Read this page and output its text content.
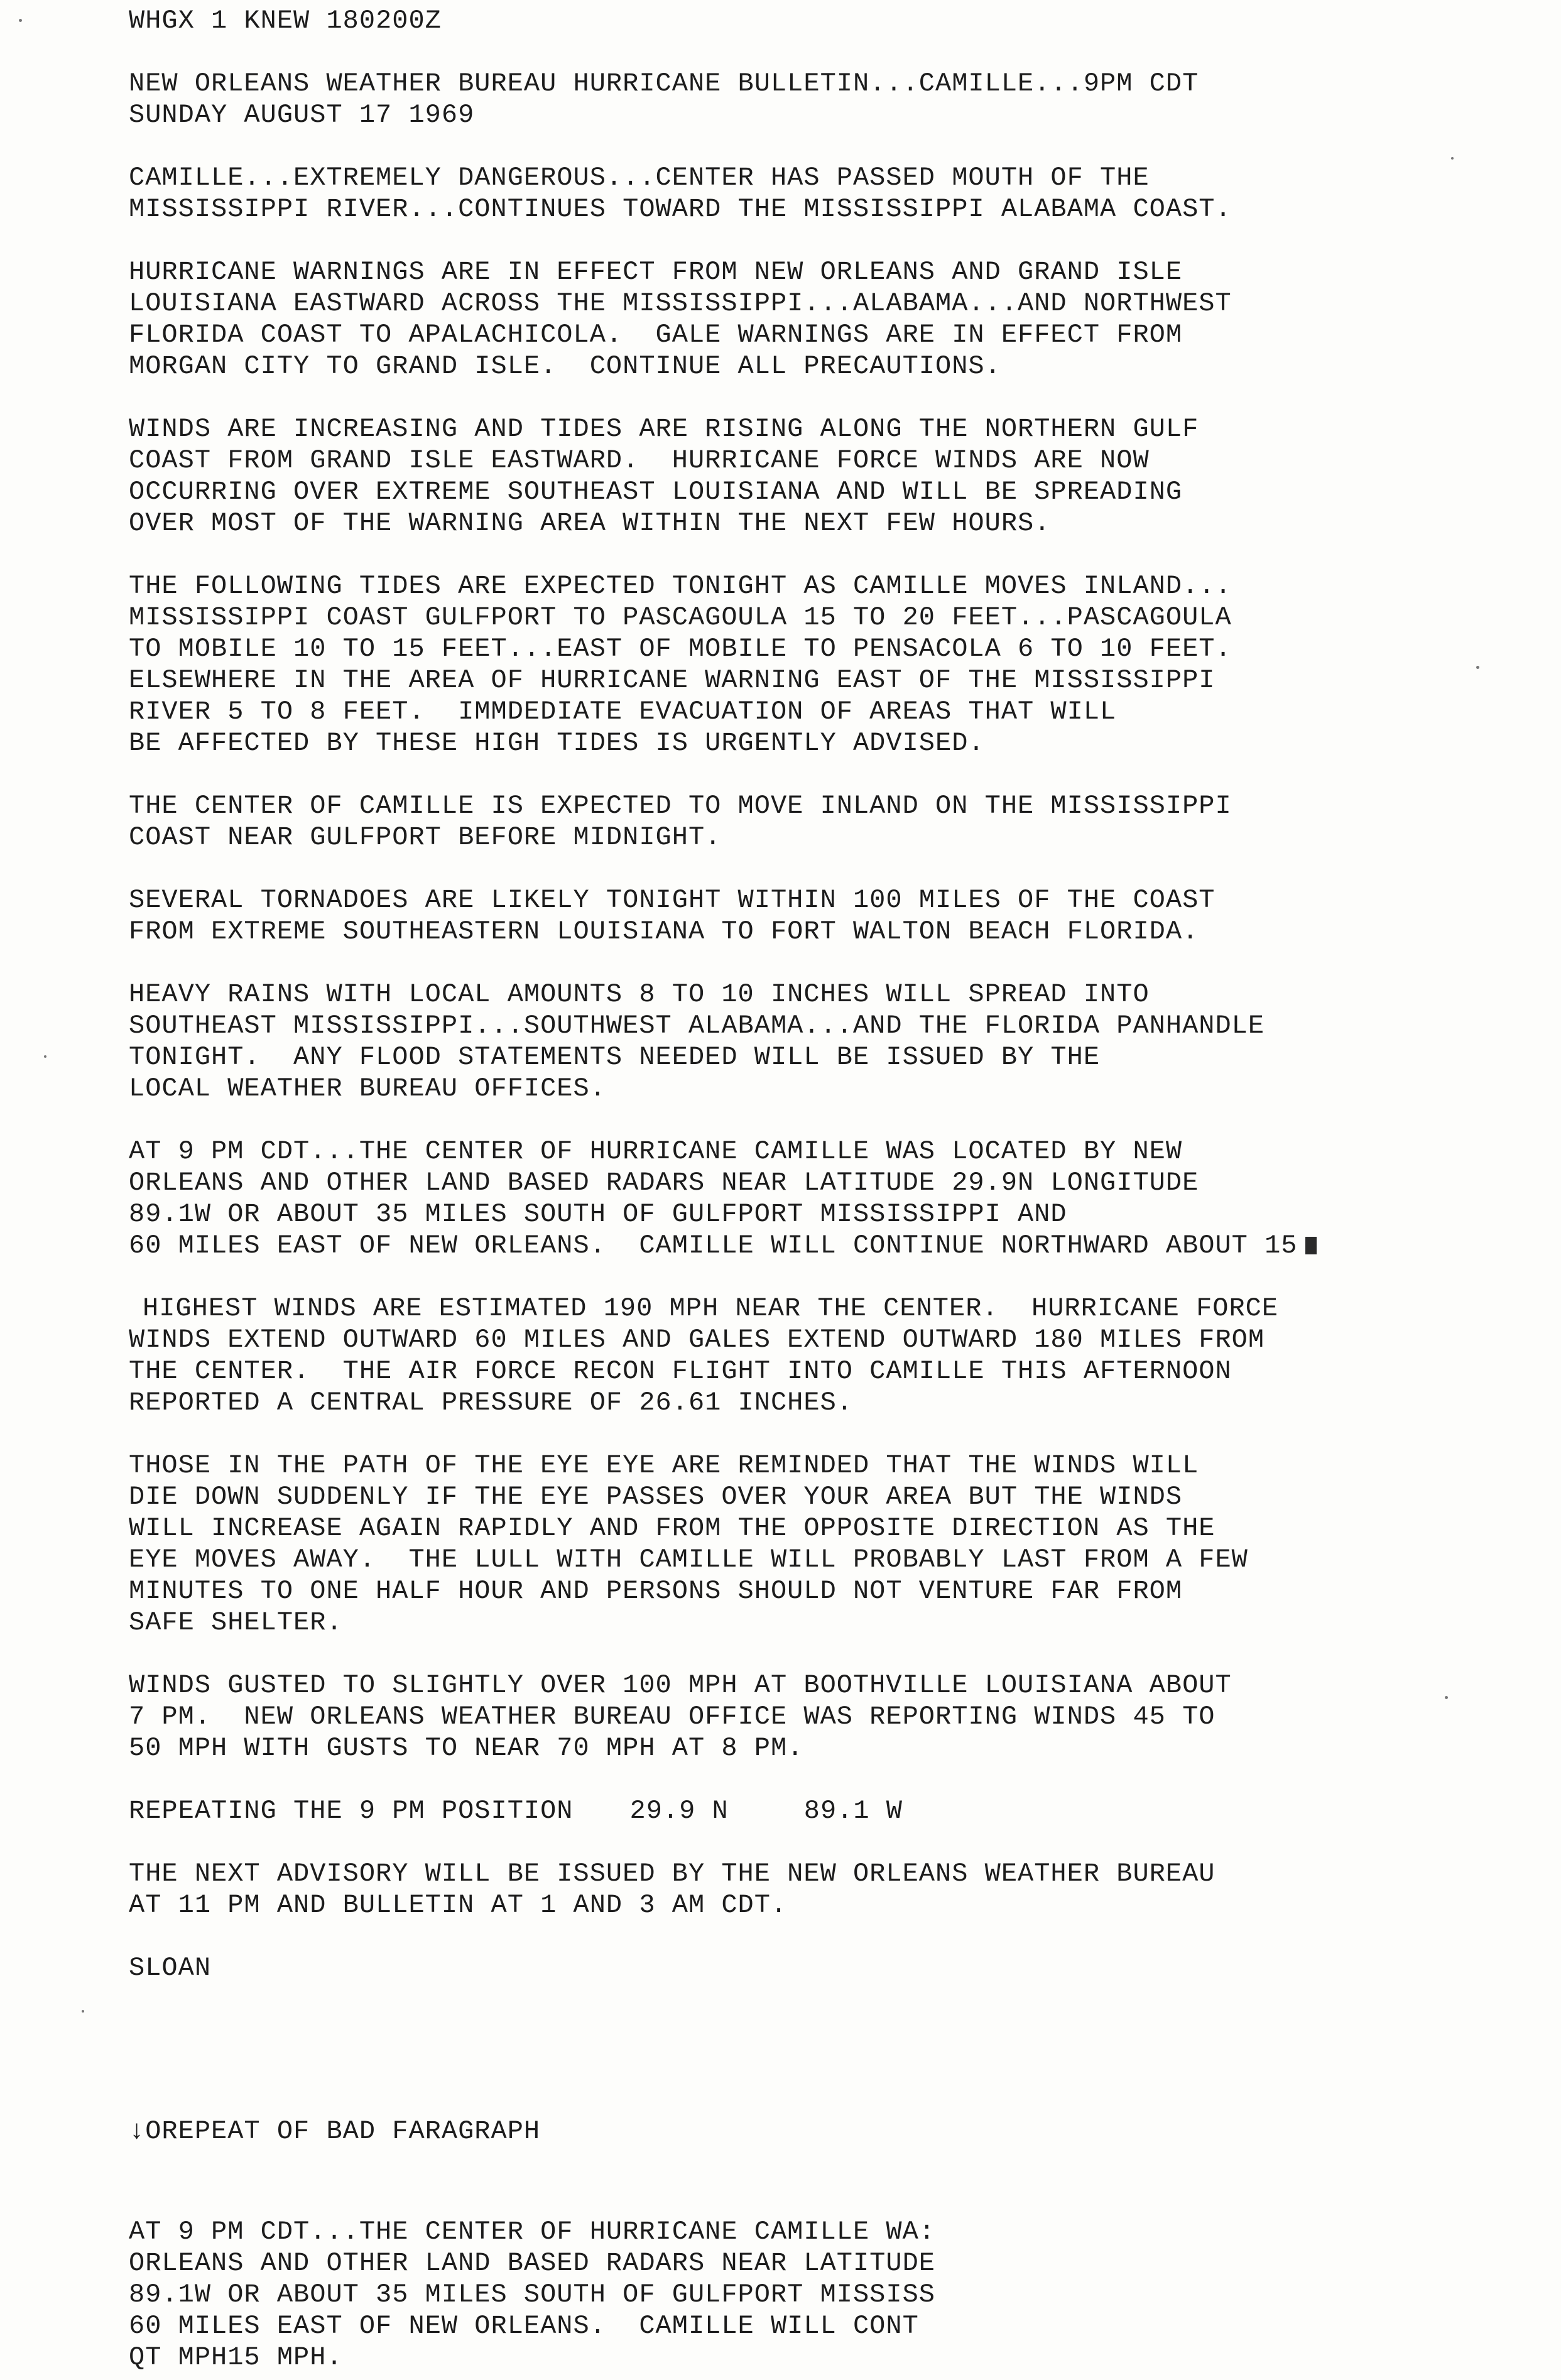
WHGX 1 KNEW 180200Z
NEW ORLEANS WEATHER BUREAU HURRICANE BULLETIN...CAMILLE...9PM CDT
SUNDAY AUGUST 17 1969
CAMILLE...EXTREMELY DANGEROUS...CENTER HAS PASSED MOUTH OF THE
MISSISSIPPI RIVER...CONTINUES TOWARD THE MISSISSIPPI ALABAMA COAST.
HURRICANE WARNINGS ARE IN EFFECT FROM NEW ORLEANS AND GRAND ISLE
LOUISIANA EASTWARD ACROSS THE MISSISSIPPI...ALABAMA...AND NORTHWEST
FLORIDA COAST TO APALACHICOLA.  GALE WARNINGS ARE IN EFFECT FROM
MORGAN CITY TO GRAND ISLE.  CONTINUE ALL PRECAUTIONS.
WINDS ARE INCREASING AND TIDES ARE RISING ALONG THE NORTHERN GULF
COAST FROM GRAND ISLE EASTWARD.  HURRICANE FORCE WINDS ARE NOW
OCCURRING OVER EXTREME SOUTHEAST LOUISIANA AND WILL BE SPREADING
OVER MOST OF THE WARNING AREA WITHIN THE NEXT FEW HOURS.
THE FOLLOWING TIDES ARE EXPECTED TONIGHT AS CAMILLE MOVES INLAND...
MISSISSIPPI COAST GULFPORT TO PASCAGOULA 15 TO 20 FEET...PASCAGOULA
TO MOBILE 10 TO 15 FEET...EAST OF MOBILE TO PENSACOLA 6 TO 10 FEET.
ELSEWHERE IN THE AREA OF HURRICANE WARNING EAST OF THE MISSISSIPPI
RIVER 5 TO 8 FEET.  IMMDEDIATE EVACUATION OF AREAS THAT WILL
BE AFFECTED BY THESE HIGH TIDES IS URGENTLY ADVISED.
THE CENTER OF CAMILLE IS EXPECTED TO MOVE INLAND ON THE MISSISSIPPI
COAST NEAR GULFPORT BEFORE MIDNIGHT.
SEVERAL TORNADOES ARE LIKELY TONIGHT WITHIN 100 MILES OF THE COAST
FROM EXTREME SOUTHEASTERN LOUISIANA TO FORT WALTON BEACH FLORIDA.
HEAVY RAINS WITH LOCAL AMOUNTS 8 TO 10 INCHES WILL SPREAD INTO
SOUTHEAST MISSISSIPPI...SOUTHWEST ALABAMA...AND THE FLORIDA PANHANDLE
TONIGHT.  ANY FLOOD STATEMENTS NEEDED WILL BE ISSUED BY THE
LOCAL WEATHER BUREAU OFFICES.
AT 9 PM CDT...THE CENTER OF HURRICANE CAMILLE WAS LOCATED BY NEW
ORLEANS AND OTHER LAND BASED RADARS NEAR LATITUDE 29.9N LONGITUDE
89.1W OR ABOUT 35 MILES SOUTH OF GULFPORT MISSISSIPPI AND
60 MILES EAST OF NEW ORLEANS.  CAMILLE WILL CONTINUE NORTHWARD ABOUT 15
HIGHEST WINDS ARE ESTIMATED 190 MPH NEAR THE CENTER.  HURRICANE FORCE
WINDS EXTEND OUTWARD 60 MILES AND GALES EXTEND OUTWARD 180 MILES FROM
THE CENTER.  THE AIR FORCE RECON FLIGHT INTO CAMILLE THIS AFTERNOON
REPORTED A CENTRAL PRESSURE OF 26.61 INCHES.
THOSE IN THE PATH OF THE EYE EYE ARE REMINDED THAT THE WINDS WILL
DIE DOWN SUDDENLY IF THE EYE PASSES OVER YOUR AREA BUT THE WINDS
WILL INCREASE AGAIN RAPIDLY AND FROM THE OPPOSITE DIRECTION AS THE
EYE MOVES AWAY.  THE LULL WITH CAMILLE WILL PROBABLY LAST FROM A FEW
MINUTES TO ONE HALF HOUR AND PERSONS SHOULD NOT VENTURE FAR FROM
SAFE SHELTER.
WINDS GUSTED TO SLIGHTLY OVER 100 MPH AT BOOTHVILLE LOUISIANA ABOUT
7 PM.  NEW ORLEANS WEATHER BUREAU OFFICE WAS REPORTING WINDS 45 TO
50 MPH WITH GUSTS TO NEAR 70 MPH AT 8 PM.
REPEATING THE 9 PM POSITION 29.9 N	89.1 W
THE NEXT ADVISORY WILL BE ISSUED BY THE NEW ORLEANS WEATHER BUREAU
AT 11 PM AND BULLETIN AT 1 AND 3 AM CDT.
SLOAN
↓OREPEAT OF BAD FARAGRAPH
AT 9 PM CDT...THE CENTER OF HURRICANE CAMILLE WA:
ORLEANS AND OTHER LAND BASED RADARS NEAR LATITUDE
89.1W OR ABOUT 35 MILES SOUTH OF GULFPORT MISSISS
60 MILES EAST OF NEW ORLEANS.  CAMILLE WILL CONT
QT MPH15 MPH.
